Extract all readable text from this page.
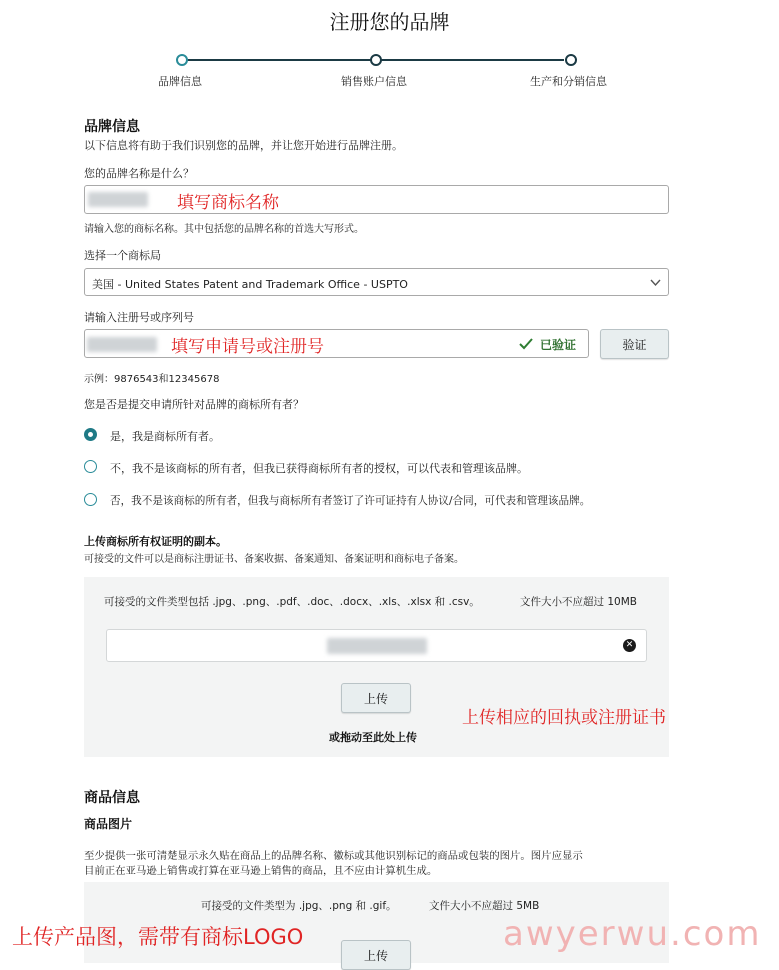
注册您的品牌
品牌信息	销售账户信息	生产和分销信息
品牌信息
以下信息将有助于我们识别您的品牌，并让您开始进行品牌注册。
您的品牌名称是什么？
填写商标名称
请输入您的商标名称。其中包括您的品牌名称的首选大写形式。
选择一个商标局
美国 - United States Patent and Trademark Office - USPTO
请输入注册号或序列号
填写申请号或注册号	已验证	验证
示例：9876543和12345678
您是否是提交申请所针对品牌的商标所有者？
是，我是商标所有者。
不，我不是该商标的所有者，但我已获得商标所有者的授权，可以代表和管理该品牌。
否，我不是该商标的所有者，但我与商标所有者签订了许可证持有人协议/合同，可代表和管理该品牌。
上传商标所有权证明的副本。
可接受的文件可以是商标注册证书、备案收据、备案通知、备案证明和商标电子备案。
可接受的文件类型包括 .jpg、.png、.pdf、.doc、.docx、.xls、.xlsx 和 .csv。	文件大小不应超过 10MB
✕
上传
或拖动至此处上传
上传相应的回执或注册证书
商品信息
商品图片
至少提供一张可清楚显示永久贴在商品上的品牌名称、徽标或其他识别标记的商品或包装的图片。图片应显示
目前正在亚马逊上销售或打算在亚马逊上销售的商品，且不应由计算机生成。
可接受的文件类型为 .jpg、.png 和 .gif。	文件大小不应超过 5MB
上传
上传产品图，需带有商标LOGO	awyerwu.com
